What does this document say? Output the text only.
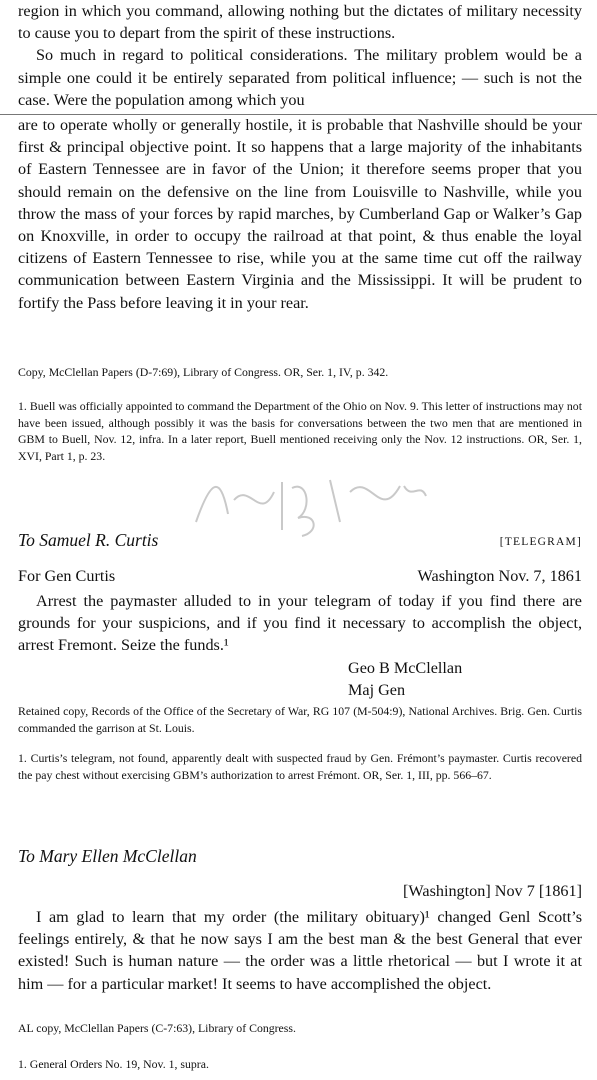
region in which you command, allowing nothing but the dictates of military necessity to cause you to depart from the spirit of these instructions.

So much in regard to political considerations. The military problem would be a simple one could it be entirely separated from political influence; — such is not the case. Were the population among which you

are to operate wholly or generally hostile, it is probable that Nashville should be your first & principal objective point. It so happens that a large majority of the inhabitants of Eastern Tennessee are in favor of the Union; it therefore seems proper that you should remain on the defensive on the line from Louisville to Nashville, while you throw the mass of your forces by rapid marches, by Cumberland Gap or Walker’s Gap on Knoxville, in order to occupy the railroad at that point, & thus enable the loyal citizens of Eastern Tennessee to rise, while you at the same time cut off the railway communication between Eastern Virginia and the Mississippi. It will be prudent to fortify the Pass before leaving it in your rear.

Copy, McClellan Papers (D-7:69), Library of Congress. OR, Ser. 1, IV, p. 342.
1. Buell was officially appointed to command the Department of the Ohio on Nov. 9. This letter of instructions may not have been issued, although possibly it was the basis for conversations between the two men that are mentioned in GBM to Buell, Nov. 12, infra. In a later report, Buell mentioned receiving only the Nov. 12 instructions. OR, Ser. 1, XVI, Part 1, p. 23.
To Samuel R. Curtis	[TELEGRAM]
For Gen Curtis	Washington Nov. 7, 1861

Arrest the paymaster alluded to in your telegram of today if you find there are grounds for your suspicions, and if you find it necessary to accomplish the object, arrest Fremont. Seize the funds.¹

Geo B McClellan

Maj Gen

Retained copy, Records of the Office of the Secretary of War, RG 107 (M-504:9), National Archives. Brig. Gen. Curtis commanded the garrison at St. Louis.
1. Curtis’s telegram, not found, apparently dealt with suspected fraud by Gen. Frémont’s paymaster. Curtis recovered the pay chest without exercising GBM’s authorization to arrest Frémont. OR, Ser. 1, III, pp. 566–67.
To Mary Ellen McClellan
[Washington] Nov 7 [1861]

I am glad to learn that my order (the military obituary)¹ changed Genl Scott’s feelings entirely, & that he now says I am the best man & the best General that ever existed! Such is human nature — the order was a little rhetorical — but I wrote it at him — for a particular market! It seems to have accomplished the object.

AL copy, McClellan Papers (C-7:63), Library of Congress.
1. General Orders No. 19, Nov. 1, supra.
